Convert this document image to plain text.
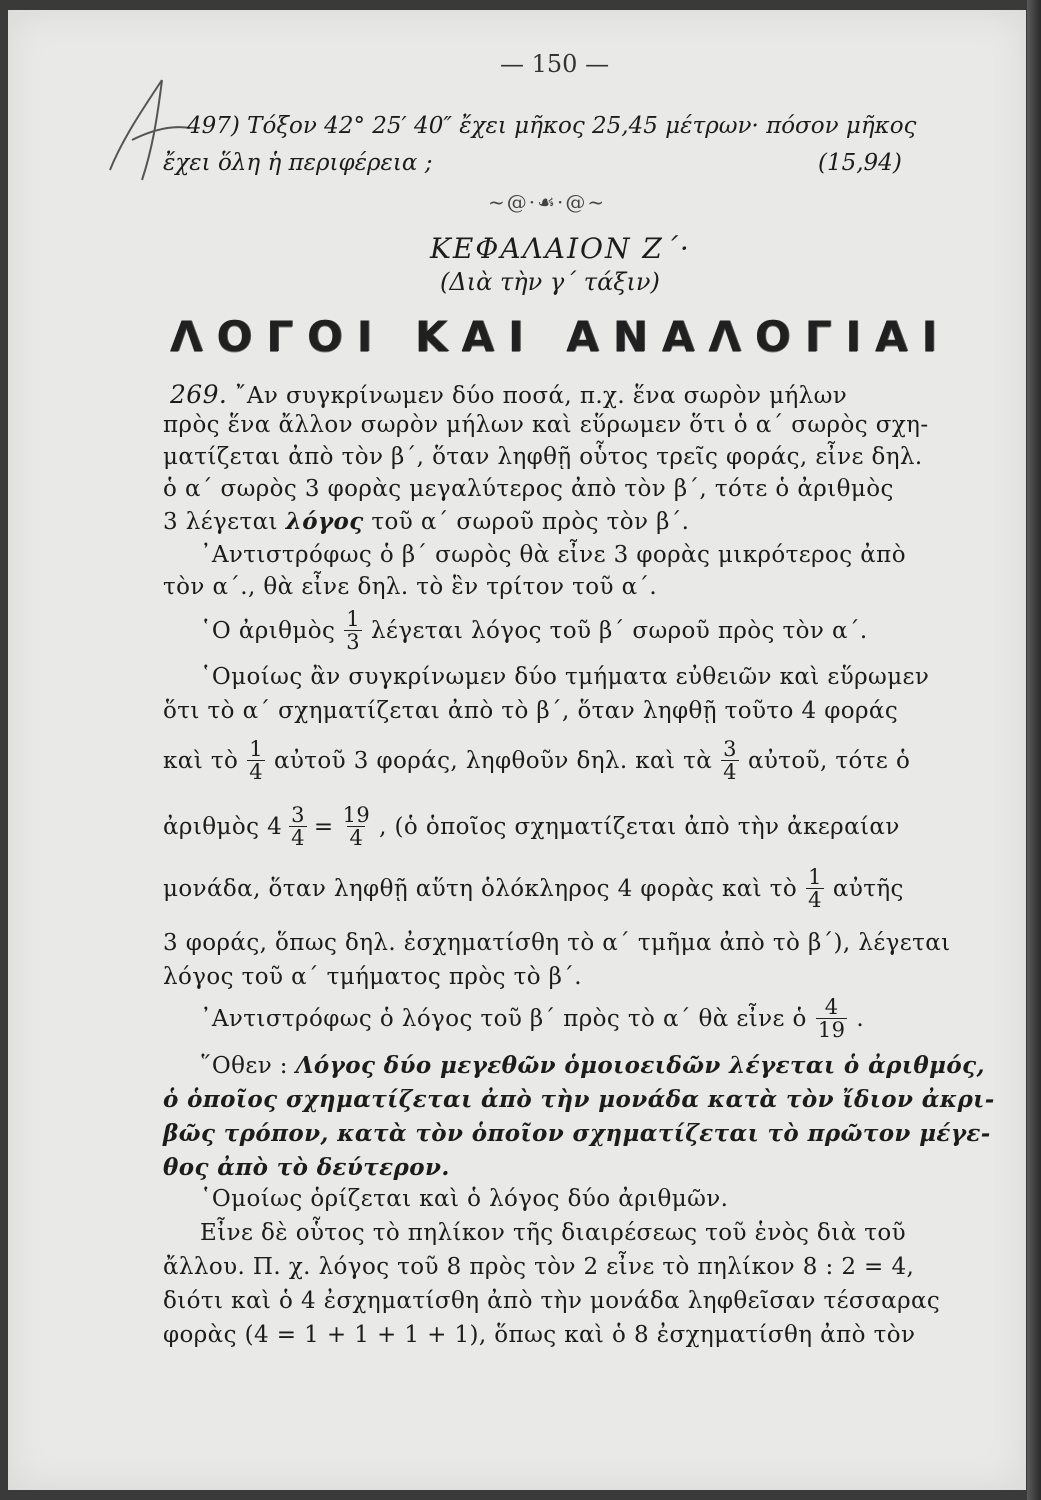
— 150 —
497) Τόξον 42° 25′ 40″ ἔχει μῆκος 25,45 μέτρων· πόσον μῆκος
ἔχει ὅλη ἡ περιφέρεια ;	(15,94)
~@·☙·@~
ΚΕΦΑΛΑΙΟΝ Ζ΄·
(Διὰ τὴν γ΄ τάξιν)
ΛΟΓΟΙ ΚΑΙ ΑΝΑΛΟΓΙΑΙ
269. ῎Αν συγκρίνωμεν δύο ποσά, π.χ. ἕνα σωρὸν μήλων
πρὸς ἕνα ἄλλον σωρὸν μήλων καὶ εὕρωμεν ὅτι ὁ α΄ σωρὸς σχη-
ματίζεται ἀπὸ τὸν β΄, ὅταν ληφθῇ οὗτος τρεῖς φοράς, εἶνε δηλ.
ὁ α΄ σωρὸς 3 φορὰς μεγαλύτερος ἀπὸ τὸν β΄, τότε ὁ ἀριθμὸς
3 λέγεται λόγος τοῦ α΄ σωροῦ πρὸς τὸν β΄.
᾿Αντιστρόφως ὁ β΄ σωρὸς θὰ εἶνε 3 φορὰς μικρότερος ἀπὸ
τὸν α΄., θὰ εἶνε δηλ. τὸ ἓν τρίτον τοῦ α΄.
῾Ο ἀριθμὸς $\frac{1}{3}$ λέγεται λόγος τοῦ β΄ σωροῦ πρὸς τὸν α΄.
῾Ομοίως ἂν συγκρίνωμεν δύο τμήματα εὐθειῶν καὶ εὕρωμεν
ὅτι τὸ α΄ σχηματίζεται ἀπὸ τὸ β΄, ὅταν ληφθῇ τοῦτο 4 φοράς
καὶ τὸ $\frac{1}{4}$ αὐτοῦ 3 φοράς, ληφθοῦν δηλ. καὶ τὰ $\frac{3}{4}$ αὐτοῦ, τότε ὁ
ἀριθμὸς $4 \frac{3}{4} = \frac{19}{4}$ , (ὁ ὁποῖος σχηματίζεται ἀπὸ τὴν ἀκεραίαν
μονάδα, ὅταν ληφθῇ αὕτη ὁλόκληρος 4 φορὰς καὶ τὸ $\frac{1}{4}$ αὐτῆς
3 φοράς, ὅπως δηλ. ἐσχηματίσθη τὸ α΄ τμῆμα ἀπὸ τὸ β΄), λέγεται
λόγος τοῦ α΄ τμήματος πρὸς τὸ β΄.
᾿Αντιστρόφως ὁ λόγος τοῦ β΄ πρὸς τὸ α΄ θὰ εἶνε ὁ $\frac{4}{19}$ .
῞Οθεν : Λόγος δύο μεγεθῶν ὁμοιοειδῶν λέγεται ὁ ἀριθμός,
ὁ ὁποῖος σχηματίζεται ἀπὸ τὴν μονάδα κατὰ τὸν ἴδιον ἀκρι-
βῶς τρόπον, κατὰ τὸν ὁποῖον σχηματίζεται τὸ πρῶτον μέγε-
θος ἀπὸ τὸ δεύτερον.
῾Ομοίως ὁρίζεται καὶ ὁ λόγος δύο ἀριθμῶν.
Εἶνε δὲ οὗτος τὸ πηλίκον τῆς διαιρέσεως τοῦ ἑνὸς διὰ τοῦ
ἄλλου. Π. χ. λόγος τοῦ 8 πρὸς τὸν 2 εἶνε τὸ πηλίκον 8 : 2 = 4,
διότι καὶ ὁ 4 ἐσχηματίσθη ἀπὸ τὴν μονάδα ληφθεῖσαν τέσσαρας
φορὰς (4 = 1 + 1 + 1 + 1), ὅπως καὶ ὁ 8 ἐσχηματίσθη ἀπὸ τὸν
